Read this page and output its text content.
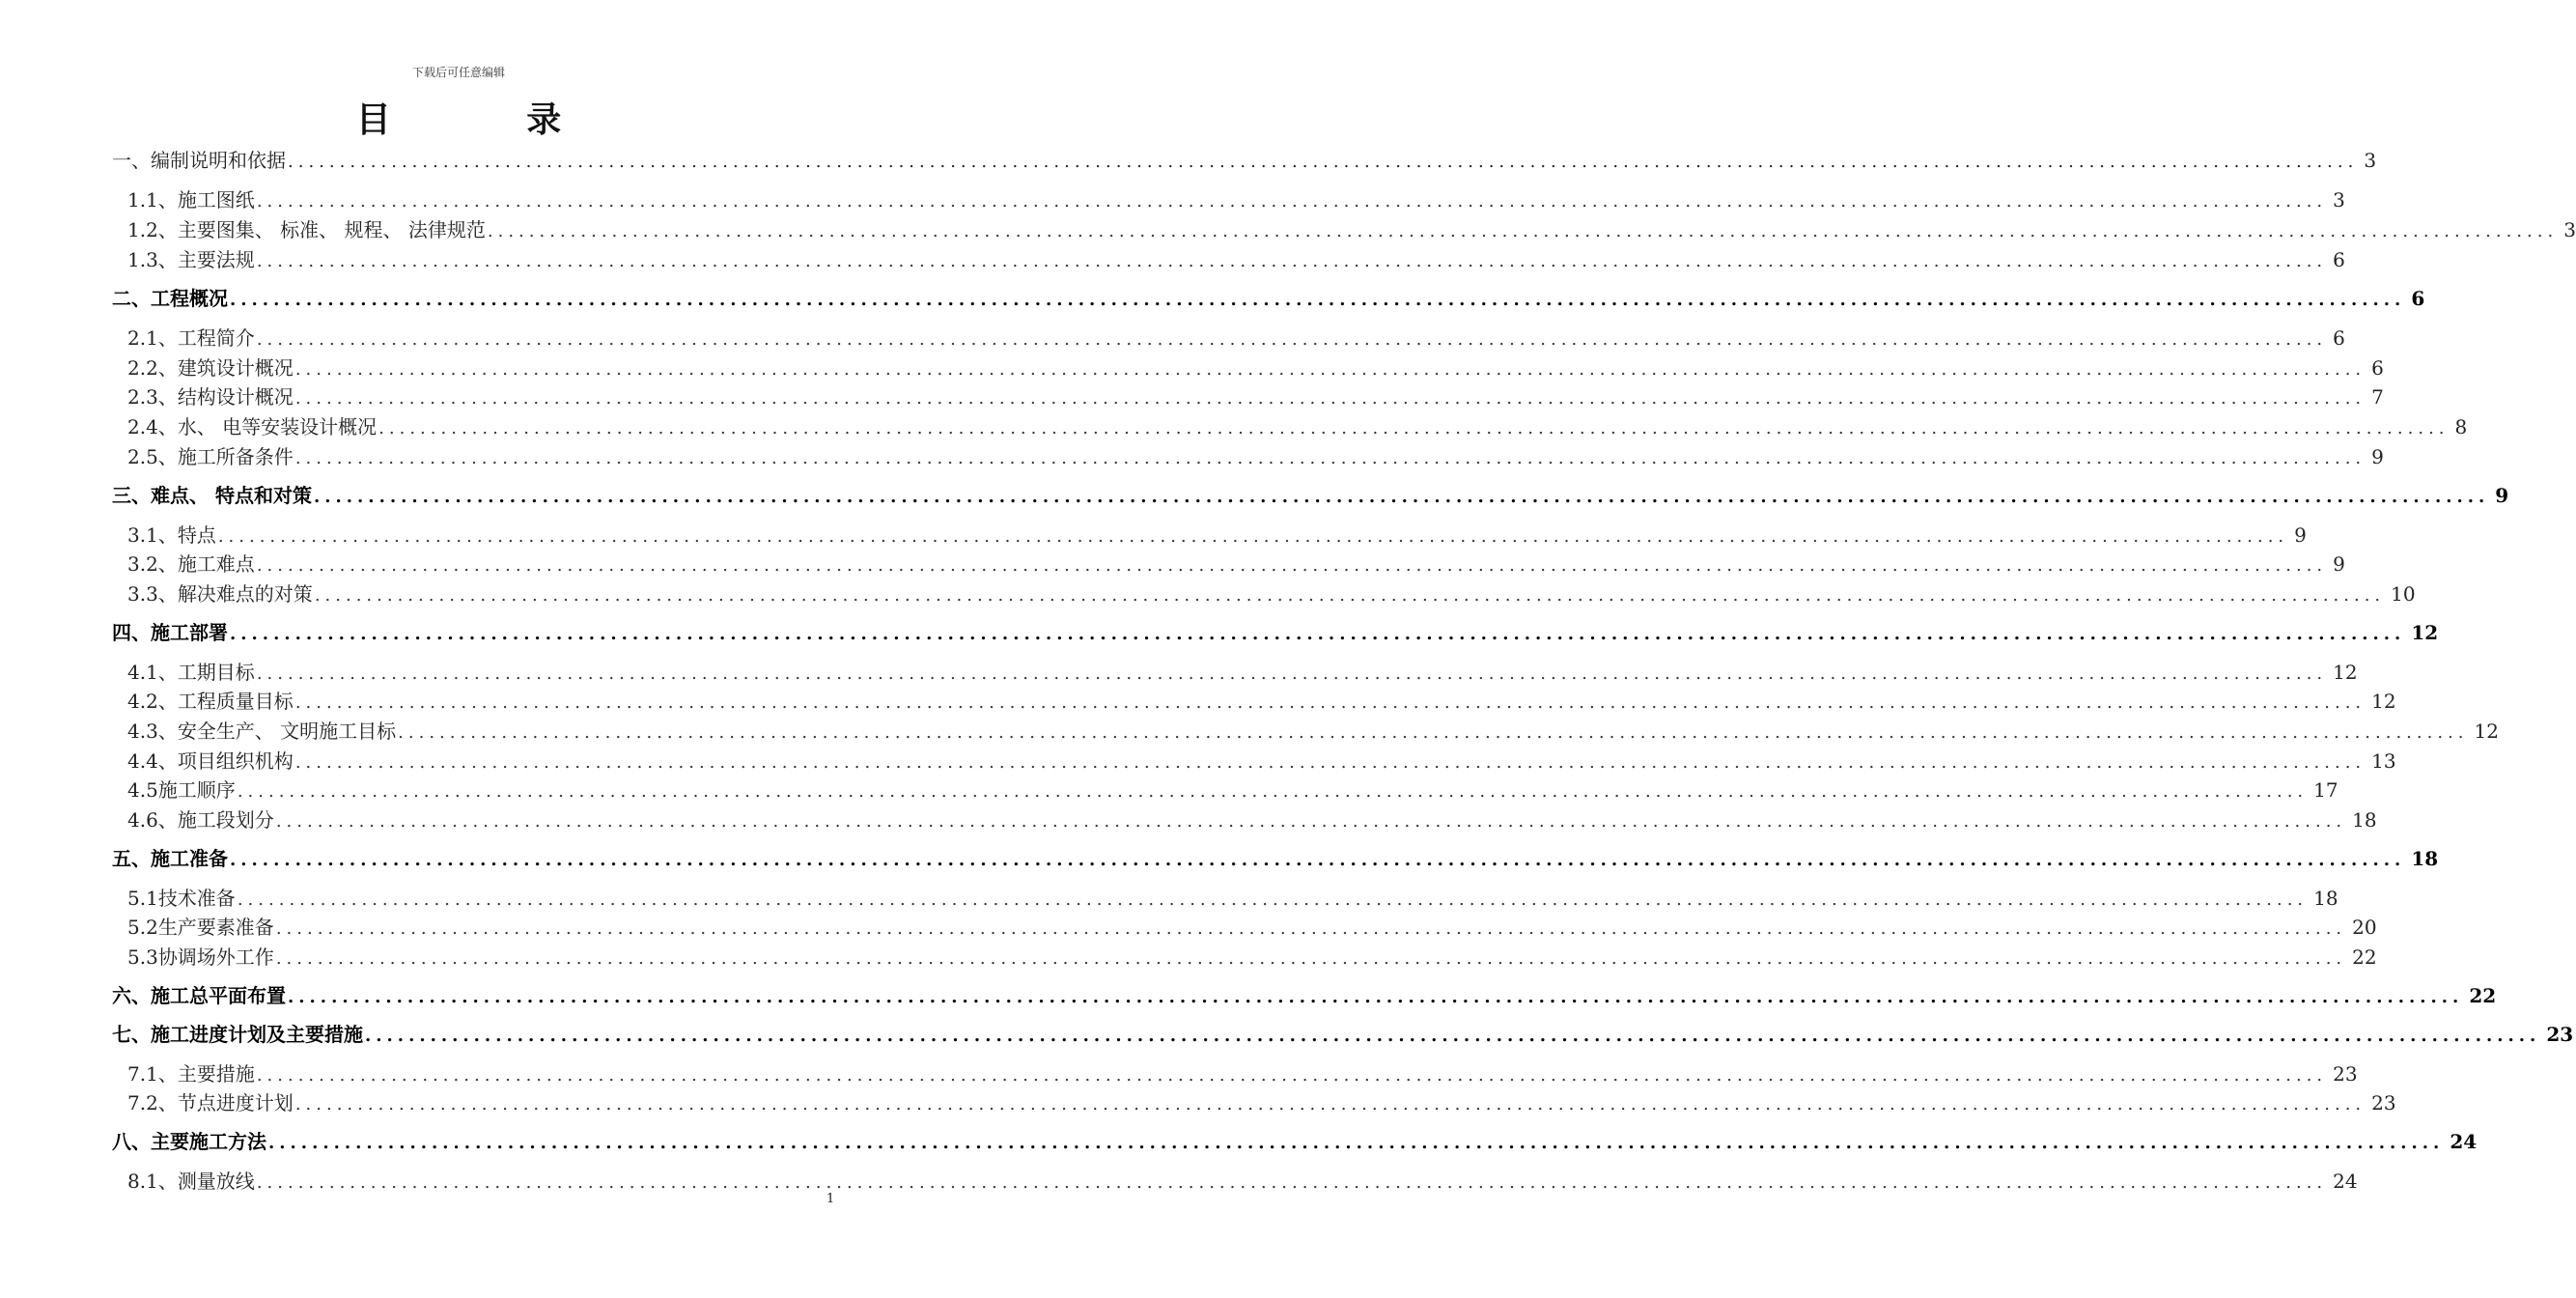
下载后可任意编辑
目 录
一、 编制说明和依据 ........................................................................................................................................................................................................ 3
1.1、 施工图纸 ........................................................................................................................................................................................................ 3
1.2、 主要图集、 标准、 规程、 法律规范 ........................................................................................................................................................................................................ 3
1.3、 主要法规 ........................................................................................................................................................................................................ 6
二、 工程概况 ........................................................................................................................................................................................................ 6
2.1、 工程简介 ........................................................................................................................................................................................................ 6
2.2、 建筑设计概况 ........................................................................................................................................................................................................ 6
2.3、 结构设计概况 ........................................................................................................................................................................................................ 7
2.4、 水、 电等安装设计概况 ........................................................................................................................................................................................................ 8
2.5、 施工所备条件 ........................................................................................................................................................................................................ 9
三、 难点、 特点和对策 ........................................................................................................................................................................................................ 9
3.1、 特点 ........................................................................................................................................................................................................ 9
3.2、 施工难点 ........................................................................................................................................................................................................ 9
3.3、 解决难点的对策 ........................................................................................................................................................................................................ 10
四、 施工部署 ........................................................................................................................................................................................................ 12
4.1、 工期目标 ........................................................................................................................................................................................................ 12
4.2、 工程质量目标 ........................................................................................................................................................................................................ 12
4.3、 安全生产、 文明施工目标 ........................................................................................................................................................................................................ 12
4.4、 项目组织机构 ........................................................................................................................................................................................................ 13
4.5 施工顺序 ........................................................................................................................................................................................................ 17
4.6、 施工段划分 ........................................................................................................................................................................................................ 18
五、 施工准备 ........................................................................................................................................................................................................ 18
5.1 技术准备 ........................................................................................................................................................................................................ 18
5.2 生产要素准备 ........................................................................................................................................................................................................ 20
5.3 协调场外工作 ........................................................................................................................................................................................................ 22
六、 施工总平面布置 ........................................................................................................................................................................................................ 22
七、 施工进度计划及主要措施 ........................................................................................................................................................................................................ 23
7.1、 主要措施 ........................................................................................................................................................................................................ 23
7.2、 节点进度计划 ........................................................................................................................................................................................................ 23
八、 主要施工方法 ........................................................................................................................................................................................................ 24
8.1、 测量放线 ........................................................................................................................................................................................................ 24
1
